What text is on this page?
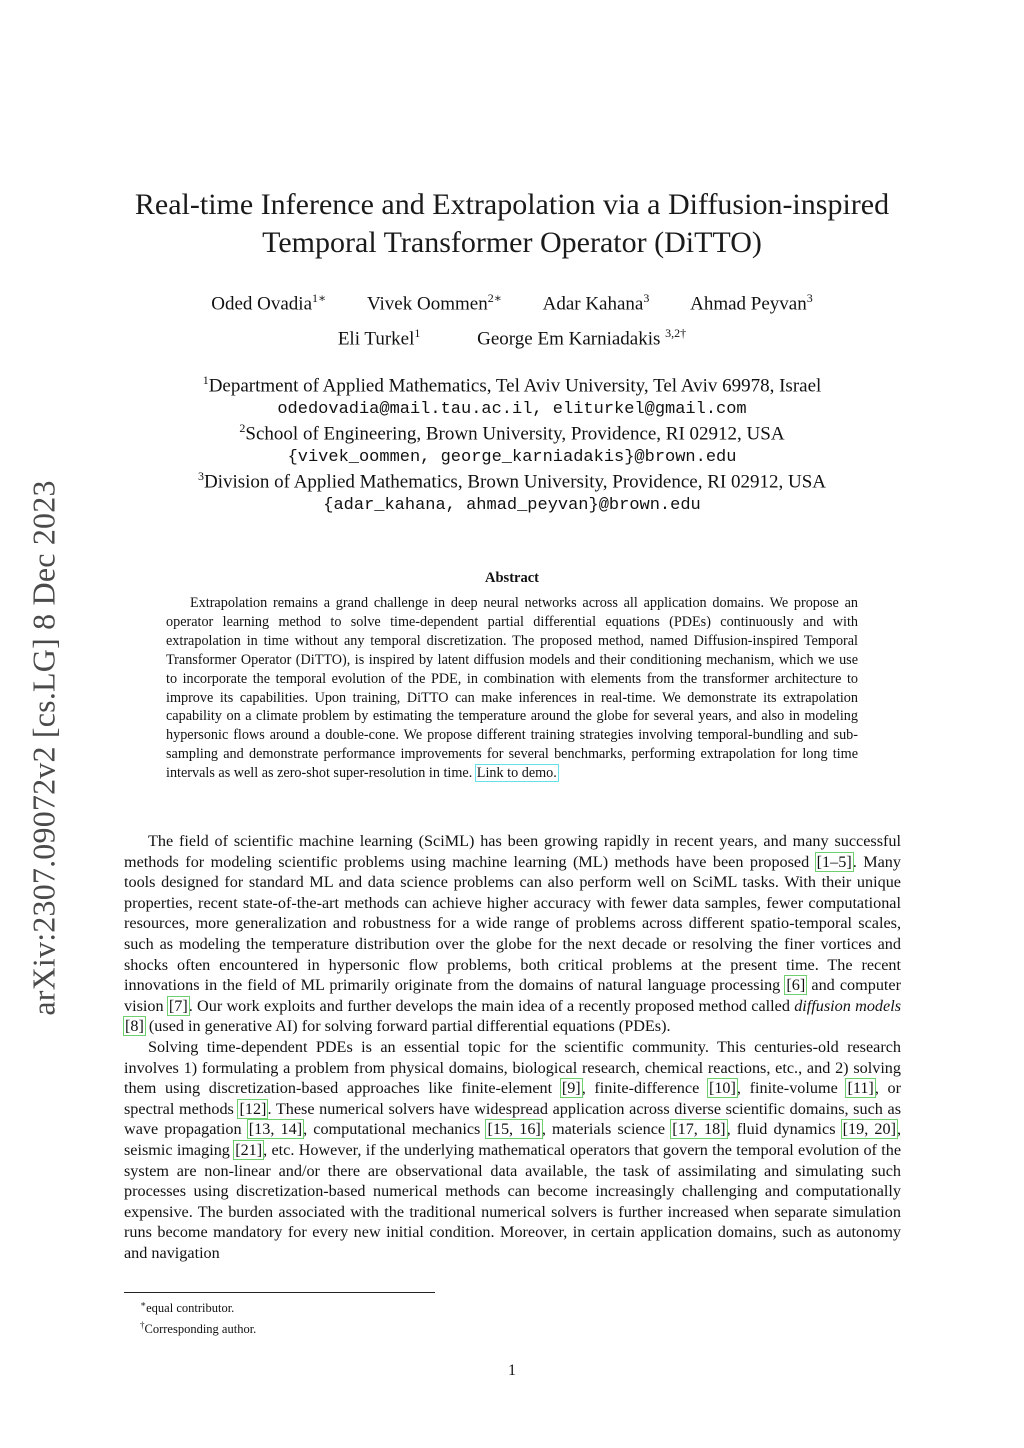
arXiv:2307.09072v2 [cs.LG] 8 Dec 2023
Real-time Inference and Extrapolation via a Diffusion-inspired
Temporal Transformer Operator (DiTTO)
Oded Ovadia$^{1∗}$ Vivek Oommen$^{2∗}$ Adar Kahana$^3$ Ahmad Peyvan$^3$
Eli Turkel$^1$	George Em Karniadakis $^{3,2\dagger}$
$^1$Department of Applied Mathematics, Tel Aviv University, Tel Aviv 69978, Israel
odedovadia@mail.tau.ac.il, eliturkel@gmail.com
$^2$School of Engineering, Brown University, Providence, RI 02912, USA
{vivek_oommen, george_karniadakis}@brown.edu
$^3$Division of Applied Mathematics, Brown University, Providence, RI 02912, USA
{adar_kahana, ahmad_peyvan}@brown.edu
Abstract
Extrapolation remains a grand challenge in deep neural networks across all application domains. We propose an operator learning method to solve time-dependent partial differential equations (PDEs) continuously and with extrapolation in time without any temporal discretization. The proposed method, named Diffusion-inspired Temporal Transformer Operator (DiTTO), is inspired by latent diffusion models and their conditioning mechanism, which we use to incorporate the temporal evolution of the PDE, in combination with elements from the transformer architecture to improve its capabilities. Upon training, DiTTO can make inferences in real-time. We demonstrate its extrapolation capability on a climate problem by estimating the temperature around the globe for several years, and also in modeling hypersonic flows around a double-cone. We propose different training strategies involving temporal-bundling and sub-sampling and demonstrate performance improvements for several benchmarks, performing extrapolation for long time intervals as well as zero-shot super-resolution in time. Link to demo.

The field of scientific machine learning (SciML) has been growing rapidly in recent years, and many successful methods for modeling scientific problems using machine learning (ML) methods have been proposed [1–5]. Many tools designed for standard ML and data science problems can also perform well on SciML tasks. With their unique properties, recent state-of-the-art methods can achieve higher accuracy with fewer data samples, fewer computational resources, more generalization and robustness for a wide range of problems across different spatio-temporal scales, such as modeling the temperature distribution over the globe for the next decade or resolving the finer vortices and shocks often encountered in hypersonic flow problems, both critical problems at the present time. The recent innovations in the field of ML primarily originate from the domains of natural language processing [6] and computer vision [7]. Our work exploits and further develops the main idea of a recently proposed method called diffusion models [8] (used in generative AI) for solving forward partial differential equations (PDEs).

Solving time-dependent PDEs is an essential topic for the scientific community. This centuries-old research involves 1) formulating a problem from physical domains, biological research, chemical reactions, etc., and 2) solving them using discretization-based approaches like finite-element [9], finite-difference [10], finite-volume [11], or spectral methods [12]. These numerical solvers have widespread application across diverse scientific domains, such as wave propagation [13, 14], computational mechanics [15, 16], materials science [17, 18], fluid dynamics [19, 20], seismic imaging [21], etc. However, if the underlying mathematical operators that govern the temporal evolution of the system are non-linear and/or there are observational data available, the task of assimilating and simulating such processes using discretization-based numerical methods can become increasingly challenging and computationally expensive. The burden associated with the traditional numerical solvers is further increased when separate simulation runs become mandatory for every new initial condition. Moreover, in certain application domains, such as autonomy and navigation

∗equal contributor.
†Corresponding author.
1
